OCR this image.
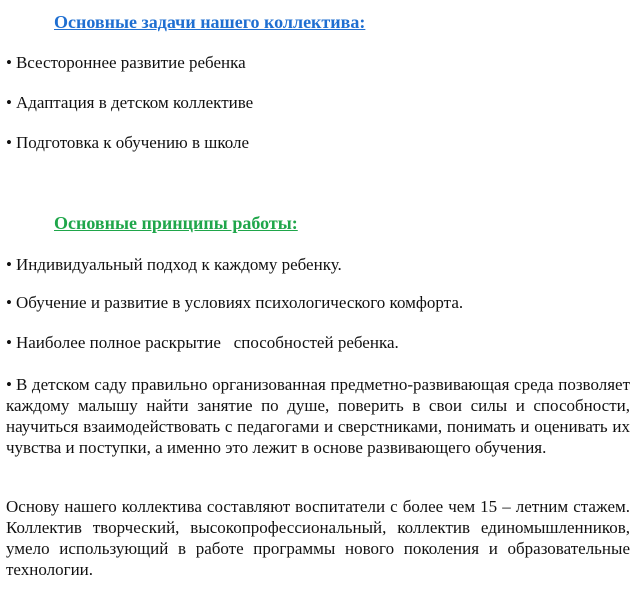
Основные задачи нашего коллектива:
• Всестороннее развитие ребенка
• Адаптация в детском коллективе
• Подготовка к обучению в школе
Основные принципы работы:
• Индивидуальный подход к каждому ребенку.
• Обучение и развитие в условиях психологического комфорта.
• Наиболее полное раскрытие   способностей ребенка.
• В детском саду правильно организованная предметно-развивающая среда позволяет каждому малышу найти занятие по душе, поверить в свои силы и способности, научиться взаимодействовать с педагогами и сверстниками, понимать и оценивать их чувства и поступки, а именно это лежит в основе развивающего обучения.
Основу нашего коллектива составляют воспитатели с более чем 15 – летним стажем. Коллектив творческий, высокопрофессиональный, коллектив единомышленников, умело использующий в работе программы нового поколения и образовательные технологии.
